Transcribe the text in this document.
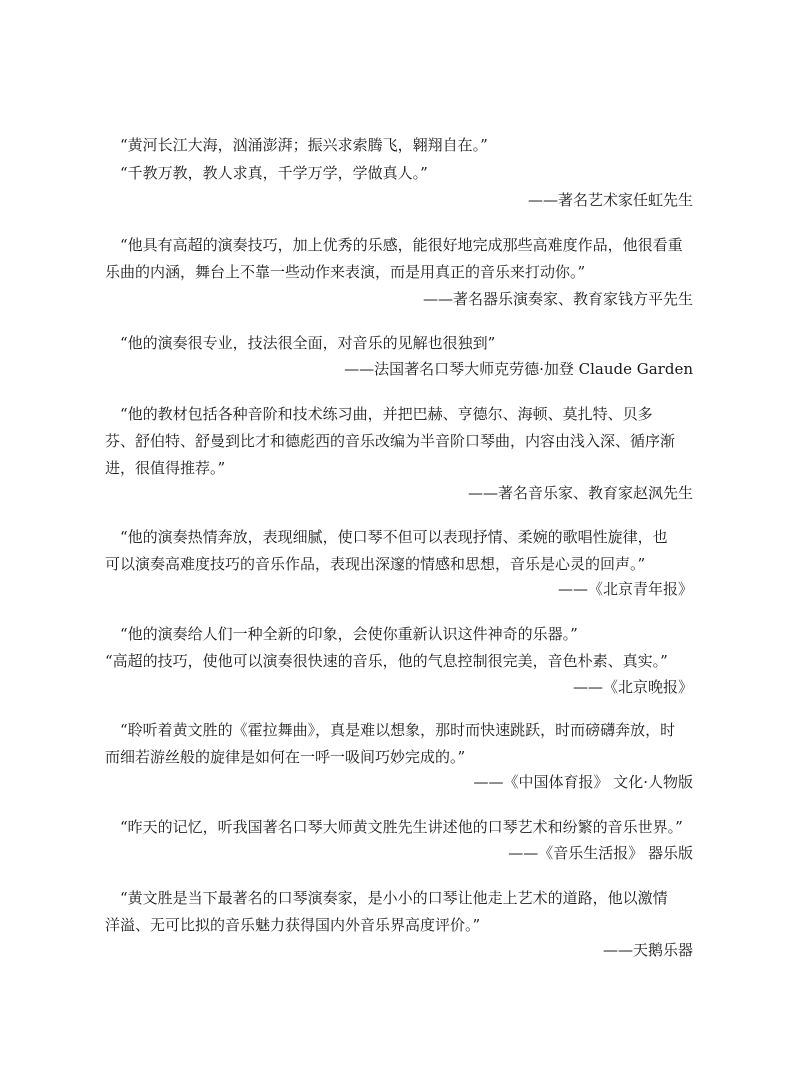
“黄河长江大海，汹涌澎湃；振兴求索腾飞，翱翔自在。”
“千教万教，教人求真，千学万学，学做真人。”
——著名艺术家任虹先生
“他具有高超的演奏技巧，加上优秀的乐感，能很好地完成那些高难度作品，他很看重
乐曲的内涵，舞台上不靠一些动作来表演，而是用真正的音乐来打动你。”
——著名器乐演奏家、教育家钱方平先生
“他的演奏很专业，技法很全面，对音乐的见解也很独到”
——法国著名口琴大师克劳德·加登 Claude Garden
“他的教材包括各种音阶和技术练习曲，并把巴赫、亨德尔、海顿、莫扎特、贝多
芬、舒伯特、舒曼到比才和德彪西的音乐改编为半音阶口琴曲，内容由浅入深、循序渐
进，很值得推荐。”
——著名音乐家、教育家赵沨先生
“他的演奏热情奔放，表现细腻，使口琴不但可以表现抒情、柔婉的歌唱性旋律，也
可以演奏高难度技巧的音乐作品，表现出深邃的情感和思想，音乐是心灵的回声。”
——《北京青年报》
“他的演奏给人们一种全新的印象，会使你重新认识这件神奇的乐器。”
“高超的技巧，使他可以演奏很快速的音乐，他的气息控制很完美，音色朴素、真实。”
——《北京晚报》
“聆听着黄文胜的《霍拉舞曲》，真是难以想象，那时而快速跳跃，时而磅礴奔放，时
而细若游丝般的旋律是如何在一呼一吸间巧妙完成的。”
——《中国体育报》 文化·人物版
“昨天的记忆，听我国著名口琴大师黄文胜先生讲述他的口琴艺术和纷繁的音乐世界。”
——《音乐生活报》 器乐版
“黄文胜是当下最著名的口琴演奏家，是小小的口琴让他走上艺术的道路，他以激情
洋溢、无可比拟的音乐魅力获得国内外音乐界高度评价。”
——天鹅乐器
